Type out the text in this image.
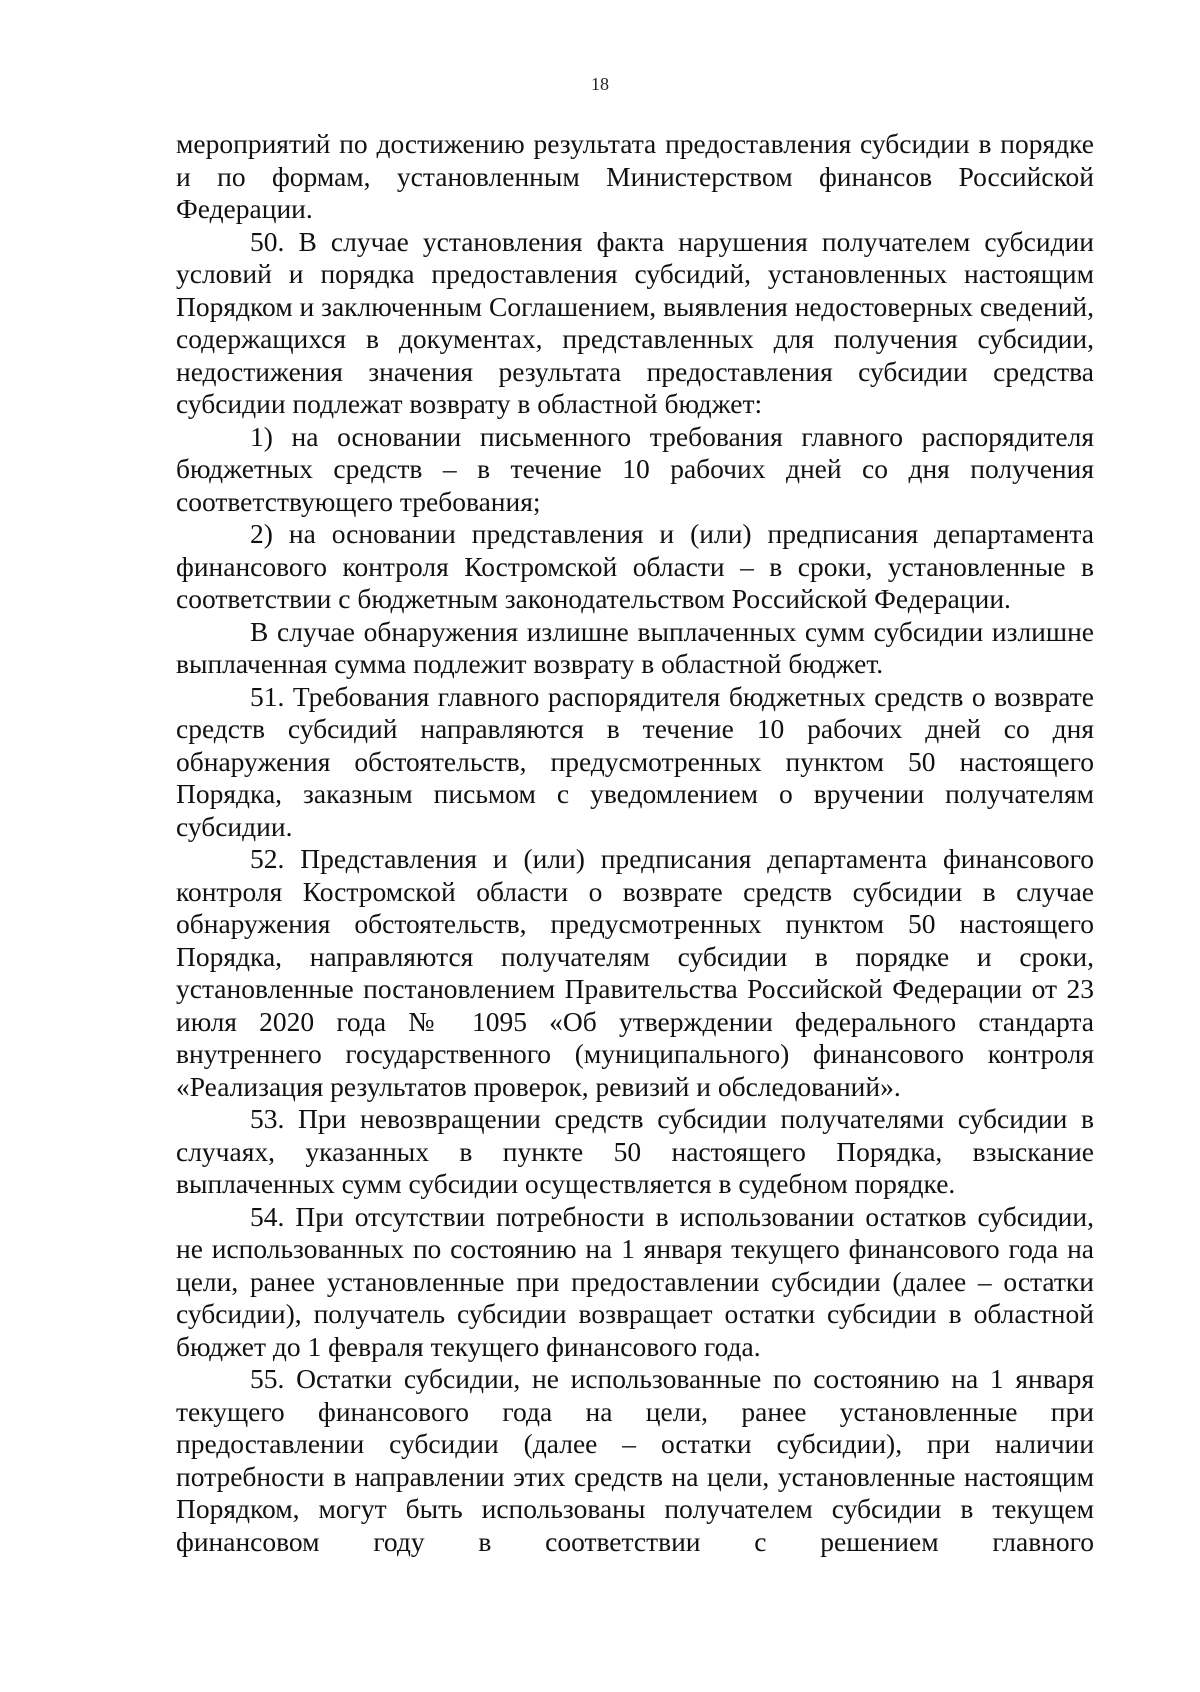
18

мероприятий по достижению результата предоставления субсидии в порядке и по формам, установленным Министерством финансов Российской Федерации.

50. В случае установления факта нарушения получателем субсидии условий и порядка предоставления субсидий, установленных настоящим Порядком и заключенным Соглашением, выявления недостоверных сведений, содержащихся в документах, представленных для получения субсидии, недостижения значения результата предоставления субсидии средства субсидии подлежат возврату в областной бюджет:

1) на основании письменного требования главного распорядителя бюджетных средств – в течение 10 рабочих дней со дня получения соответствующего требования;

2) на основании представления и (или) предписания департамента финансового контроля Костромской области – в сроки, установленные в соответствии с бюджетным законодательством Российской Федерации.

В случае обнаружения излишне выплаченных сумм субсидии излишне выплаченная сумма подлежит возврату в областной бюджет.

51. Требования главного распорядителя бюджетных средств о возврате средств субсидий направляются в течение 10 рабочих дней со дня обнаружения обстоятельств, предусмотренных пунктом 50 настоящего Порядка, заказным письмом с уведомлением о вручении получателям субсидии.

52. Представления и (или) предписания департамента финансового контроля Костромской области о возврате средств субсидии в случае обнаружения обстоятельств, предусмотренных пунктом 50 настоящего Порядка, направляются получателям субсидии в порядке и сроки, установленные постановлением Правительства Российской Федерации от 23 июля 2020 года № 1095 «Об утверждении федерального стандарта внутреннего государственного (муниципального) финансового контроля «Реализация результатов проверок, ревизий и обследований».

53. При невозвращении средств субсидии получателями субсидии в случаях, указанных в пункте 50 настоящего Порядка, взыскание выплаченных сумм субсидии осуществляется в судебном порядке.

54. При отсутствии потребности в использовании остатков субсидии, не использованных по состоянию на 1 января текущего финансового года на цели, ранее установленные при предоставлении субсидии (далее – остатки субсидии), получатель субсидии возвращает остатки субсидии в областной бюджет до 1 февраля текущего финансового года.

55. Остатки субсидии, не использованные по состоянию на 1 января текущего финансового года на цели, ранее установленные при предоставлении субсидии (далее – остатки субсидии), при наличии потребности в направлении этих средств на цели, установленные настоящим Порядком, могут быть использованы получателем субсидии в текущем финансовом году в соответствии с решением главного
